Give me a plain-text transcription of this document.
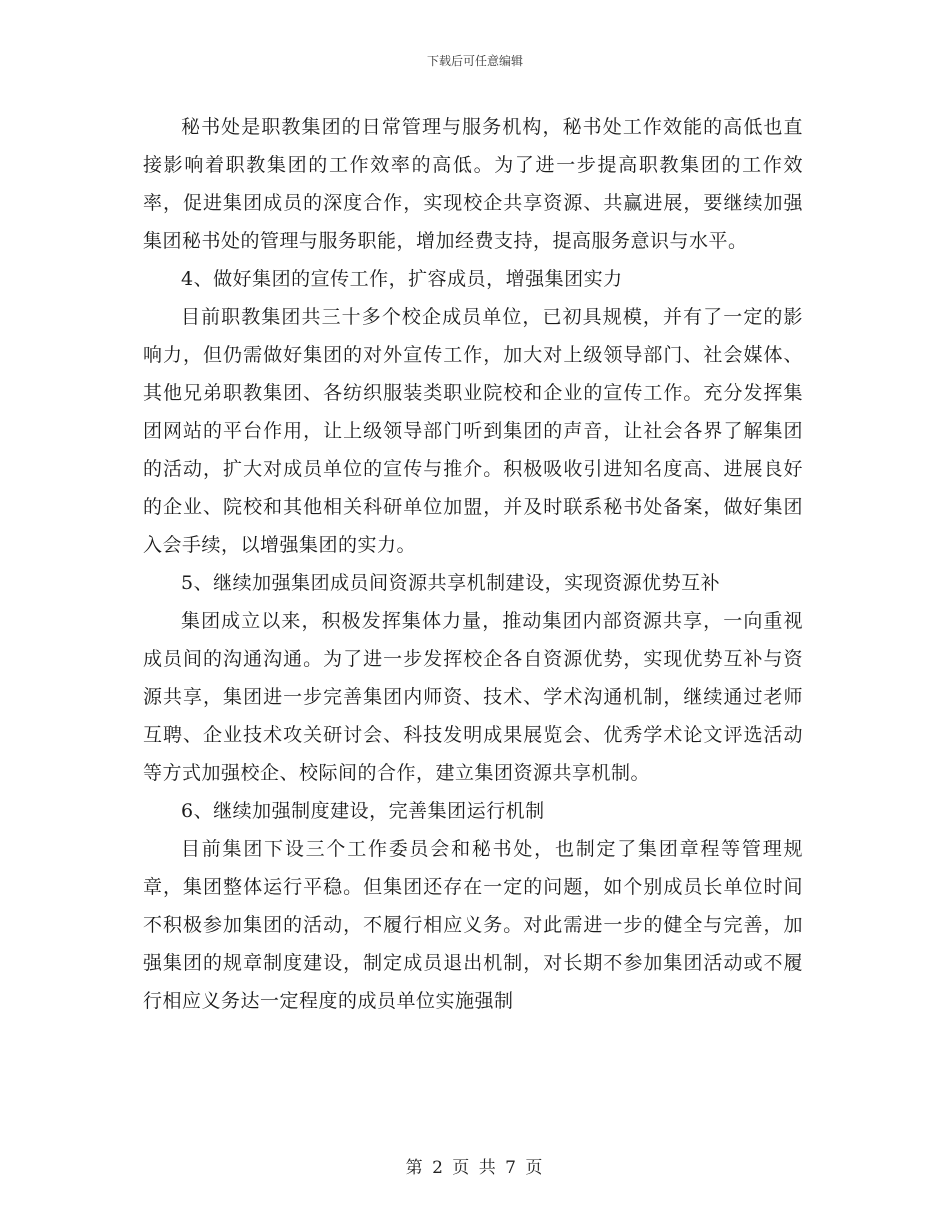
下载后可任意编辑

秘书处是职教集团的日常管理与服务机构，秘书处工作效能的高低也直接影响着职教集团的工作效率的高低。为了进一步提高职教集团的工作效率，促进集团成员的深度合作，实现校企共享资源、共赢进展，要继续加强集团秘书处的管理与服务职能，增加经费支持，提高服务意识与水平。

4、做好集团的宣传工作，扩容成员，增强集团实力

目前职教集团共三十多个校企成员单位，已初具规模，并有了一定的影响力，但仍需做好集团的对外宣传工作，加大对上级领导部门、社会媒体、其他兄弟职教集团、各纺织服装类职业院校和企业的宣传工作。充分发挥集团网站的平台作用，让上级领导部门听到集团的声音，让社会各界了解集团的活动，扩大对成员单位的宣传与推介。积极吸收引进知名度高、进展良好的企业、院校和其他相关科研单位加盟，并及时联系秘书处备案，做好集团入会手续，以增强集团的实力。

5、继续加强集团成员间资源共享机制建设，实现资源优势互补

集团成立以来，积极发挥集体力量，推动集团内部资源共享，一向重视成员间的沟通沟通。为了进一步发挥校企各自资源优势，实现优势互补与资源共享，集团进一步完善集团内师资、技术、学术沟通机制，继续通过老师互聘、企业技术攻关研讨会、科技发明成果展览会、优秀学术论文评选活动等方式加强校企、校际间的合作，建立集团资源共享机制。

6、继续加强制度建设，完善集团运行机制

目前集团下设三个工作委员会和秘书处，也制定了集团章程等管理规章，集团整体运行平稳。但集团还存在一定的问题，如个别成员长单位时间不积极参加集团的活动，不履行相应义务。对此需进一步的健全与完善，加强集团的规章制度建设，制定成员退出机制，对长期不参加集团活动或不履行相应义务达一定程度的成员单位实施强制

第 2 页 共 7 页
